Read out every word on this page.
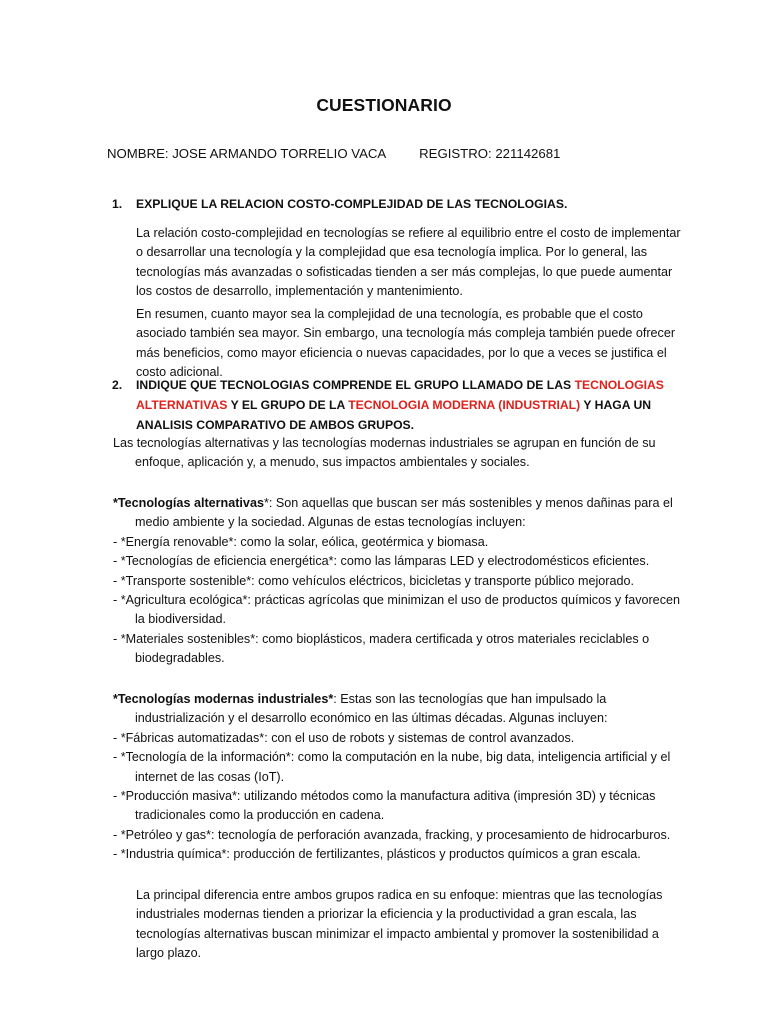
CUESTIONARIO
NOMBRE: JOSE ARMANDO TORRELIO VACA	REGISTRO: 221142681
1. EXPLIQUE LA RELACION COSTO-COMPLEJIDAD DE LAS TECNOLOGIAS.
La relación costo-complejidad en tecnologías se refiere al equilibrio entre el costo de implementar o desarrollar una tecnología y la complejidad que esa tecnología implica. Por lo general, las tecnologías más avanzadas o sofisticadas tienden a ser más complejas, lo que puede aumentar los costos de desarrollo, implementación y mantenimiento.
En resumen, cuanto mayor sea la complejidad de una tecnología, es probable que el costo asociado también sea mayor. Sin embargo, una tecnología más compleja también puede ofrecer más beneficios, como mayor eficiencia o nuevas capacidades, por lo que a veces se justifica el costo adicional.
2. INDIQUE QUE TECNOLOGIAS COMPRENDE EL GRUPO LLAMADO DE LAS TECNOLOGIAS ALTERNATIVAS Y EL GRUPO DE LA TECNOLOGIA MODERNA (INDUSTRIAL) Y HAGA UN ANALISIS COMPARATIVO DE AMBOS GRUPOS.
Las tecnologías alternativas y las tecnologías modernas industriales se agrupan en función de su enfoque, aplicación y, a menudo, sus impactos ambientales y sociales.
*Tecnologías alternativas*: Son aquellas que buscan ser más sostenibles y menos dañinas para el medio ambiente y la sociedad. Algunas de estas tecnologías incluyen:
- *Energía renovable*: como la solar, eólica, geotérmica y biomasa.
- *Tecnologías de eficiencia energética*: como las lámparas LED y electrodomésticos eficientes.
- *Transporte sostenible*: como vehículos eléctricos, bicicletas y transporte público mejorado.
- *Agricultura ecológica*: prácticas agrícolas que minimizan el uso de productos químicos y favorecen la biodiversidad.
- *Materiales sostenibles*: como bioplásticos, madera certificada y otros materiales reciclables o biodegradables.
*Tecnologías modernas industriales*: Estas son las tecnologías que han impulsado la industrialización y el desarrollo económico en las últimas décadas. Algunas incluyen:
- *Fábricas automatizadas*: con el uso de robots y sistemas de control avanzados.
- *Tecnología de la información*: como la computación en la nube, big data, inteligencia artificial y el internet de las cosas (IoT).
- *Producción masiva*: utilizando métodos como la manufactura aditiva (impresión 3D) y técnicas tradicionales como la producción en cadena.
- *Petróleo y gas*: tecnología de perforación avanzada, fracking, y procesamiento de hidrocarburos.
- *Industria química*: producción de fertilizantes, plásticos y productos químicos a gran escala.
La principal diferencia entre ambos grupos radica en su enfoque: mientras que las tecnologías industriales modernas tienden a priorizar la eficiencia y la productividad a gran escala, las tecnologías alternativas buscan minimizar el impacto ambiental y promover la sostenibilidad a largo plazo.
